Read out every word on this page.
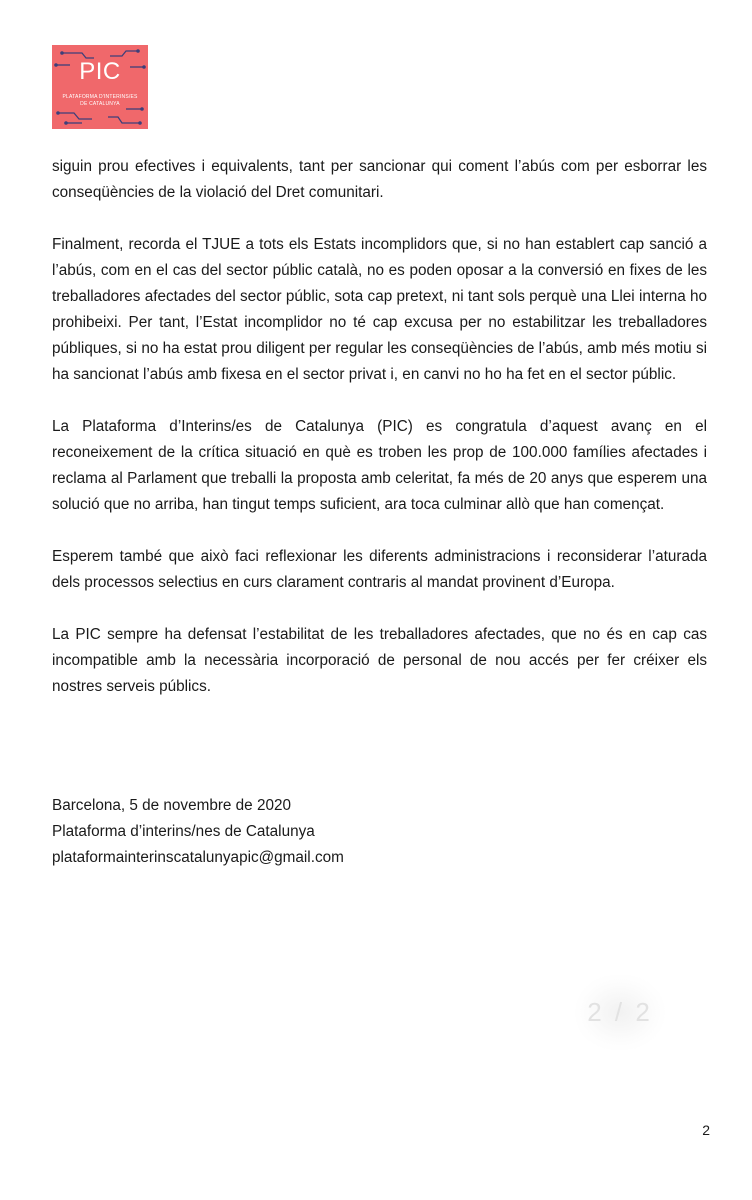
PIC
PLATAFORMA D'INTERINS/ES
DE CATALUNYA

siguin prou efectives i equivalents, tant per sancionar qui coment l’abús com per esborrar les conseqüències de la violació del Dret comunitari.

Finalment, recorda el TJUE a tots els Estats incomplidors que, si no han establert cap sanció a l’abús, com en el cas del sector públic català, no es poden oposar a la conversió en fixes de les treballadores afectades del sector públic, sota cap pretext, ni tant sols perquè una Llei interna ho prohibeixi. Per tant, l’Estat incomplidor no té cap excusa per no estabilitzar les treballadores públiques, si no ha estat prou diligent per regular les conseqüències de l’abús, amb més motiu si ha sancionat l’abús amb fixesa en el sector privat i, en canvi no ho ha fet en el sector públic.

La Plataforma d’Interins/es de Catalunya (PIC) es congratula d’aquest avanç en el reconeixement de la crítica situació en què es troben les prop de 100.000 famílies afectades i reclama al Parlament que treballi la proposta amb celeritat, fa més de 20 anys que esperem una solució que no arriba, han tingut temps suficient, ara toca culminar allò que han començat.

Esperem també que això faci reflexionar les diferents administracions i reconsiderar l’aturada dels processos selectius en curs clarament contraris al mandat provinent d’Europa.

La PIC sempre ha defensat l’estabilitat de les treballadores afectades, que no és en cap cas incompatible amb la necessària incorporació de personal de nou accés per fer créixer els nostres serveis públics.

Barcelona, 5 de novembre de 2020
Plataforma d’interins/nes de Catalunya
plataformainterinscatalunyapic@gmail.com
2 / 2
2
